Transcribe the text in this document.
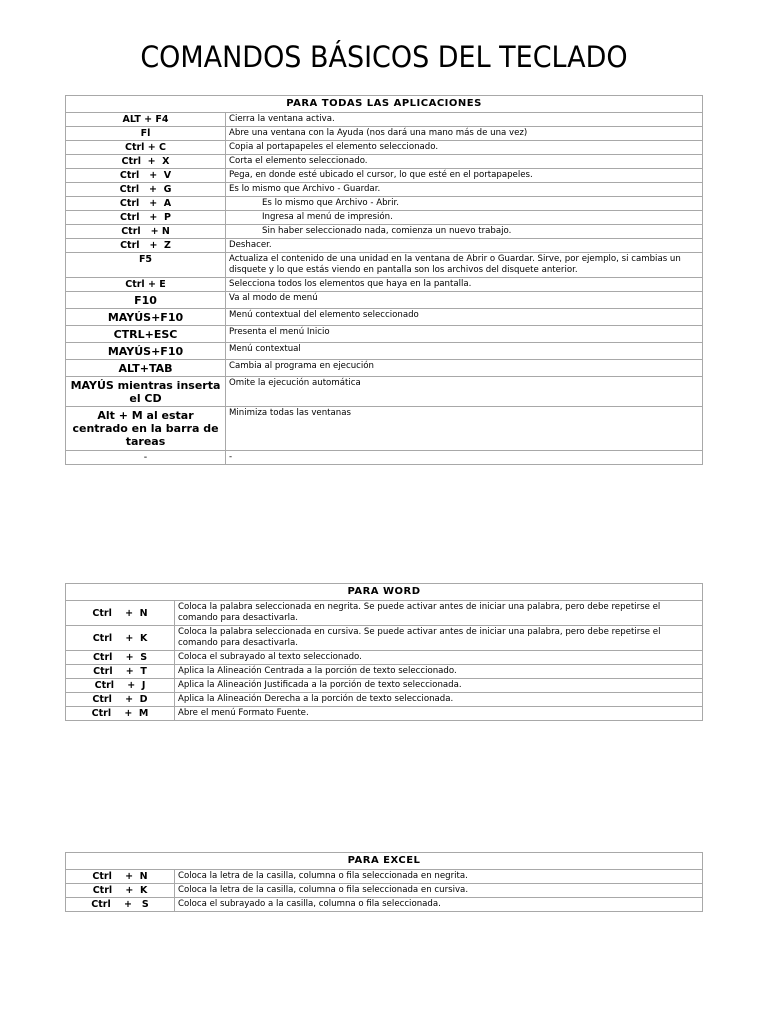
COMANDOS BÁSICOS DEL TECLADO
PARA TODAS LAS APLICACIONES	
ALT + F4	Cierra la ventana activa.
Fl	Abre una ventana con la Ayuda (nos dará una mano más de una vez)
Ctrl + C	Copia al portapapeles el elemento seleccionado.
Ctrl  +  X	Corta el elemento seleccionado.
Ctrl   +  V	Pega, en donde esté ubicado el cursor, lo que esté en el portapapeles.
Ctrl   +  G	Es lo mismo que Archivo - Guardar.
Ctrl   +  A	Es lo mismo que Archivo - Abrir.
Ctrl   +  P	Ingresa al menú de impresión.
Ctrl   + N	Sin haber seleccionado nada, comienza un nuevo trabajo.
Ctrl   +  Z	Deshacer.
F5	Actualiza el contenido de una unidad en la ventana de Abrir o Guardar. Sirve, por ejemplo, si cambias un disquete y lo que estás viendo en pantalla son los archivos del disquete anterior.
Ctrl + E	Selecciona todos los elementos que haya en la pantalla.
F10	Va al modo de menú
MAYÚS+F10	Menú contextual del elemento seleccionado
CTRL+ESC	Presenta el menú Inicio
MAYÚS+F10	Menú contextual
ALT+TAB	Cambia al programa en ejecución
MAYÚS mientras inserta el CD	Omite la ejecución automática
Alt + M al estar centrado en la barra de tareas	Minimiza todas las ventanas
-	-
PARA WORD	
Ctrl    +  N	Coloca la palabra seleccionada en negrita. Se puede activar antes de iniciar una palabra, pero debe repetirse el comando para desactivarla.
Ctrl    +  K	Coloca la palabra seleccionada en cursiva. Se puede activar antes de iniciar una palabra, pero debe repetirse el comando para desactivarla.
Ctrl    +  S	Coloca el subrayado al texto seleccionado.
Ctrl    +  T	Aplica la Alineación Centrada a la porción de texto seleccionado.
Ctrl    +  J	Aplica la Alineación Justificada a la porción de texto seleccionada.
Ctrl    +  D	Aplica la Alineación Derecha a la porción de texto seleccionada.
Ctrl    +  M	Abre el menú Formato Fuente.
PARA EXCEL	
Ctrl    +  N	Coloca la letra de la casilla, columna o fila seleccionada en negrita.
Ctrl    +  K	Coloca la letra de la casilla, columna o fila seleccionada en cursiva.
Ctrl    +   S	Coloca el subrayado a la casilla, columna o fila seleccionada.
